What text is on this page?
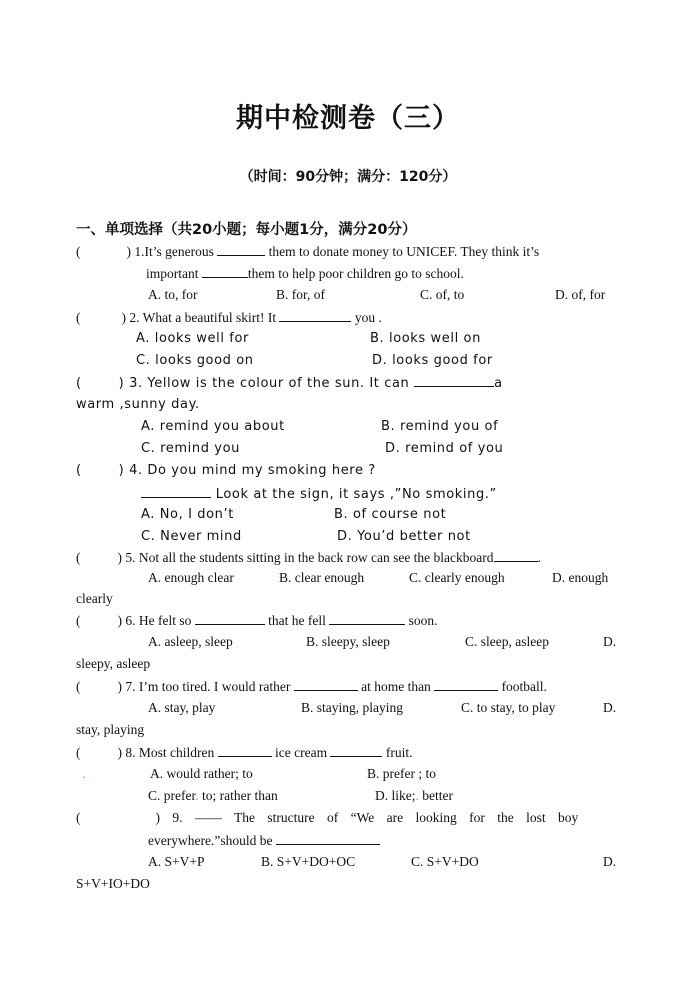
期中检测卷（三）
（时间：90分钟；满分：120分）
一、单项选择（共20小题；每小题1分，满分20分）
(	) 1.It’s generous	them to donate money to UNICEF. They think it’s
important	them to help poor children go to school.
A. to, for	B. for, of	C. of, to	D. of, for
(	) 2. What a beautiful skirt! It	you .
A. looks well for	B. looks well on
C. looks good on	D. looks good for
(	) 3. Yellow is the colour of the sun. It can	a
warm ,sunny day.
A. remind you about	B. remind you of
C. remind you	D. remind of you
(	) 4. Do you mind my smoking here ?
Look at the sign, it says ,”No smoking.”
A. No, I don’t	B. of course not
C. Never mind	D. You’d better not
(	) 5. Not all the students sitting in the back row can see the blackboard	.
A. enough clear	B. clear enough	C. clearly enough	D. enough
clearly
(	) 6. He felt so	that he fell	soon.
A. asleep, sleep	B. sleepy, sleep	C. sleep, asleep	D.
sleepy, asleep
(	) 7. I’m too tired. I would rather	at home than	football.
A. stay, play	B. staying, playing	C. to stay, to play	D.
stay, playing
(	) 8. Most children	ice cream	fruit.
.	A. would rather; to	B. prefer ; to
C. prefer. to; rather than	D. like;. better
(	) 9. —— The structure of “We are looking for the lost boy
everywhere.”should be
A. S+V+P	B. S+V+DO+OC	C. S+V+DO	D.
S+V+IO+DO
